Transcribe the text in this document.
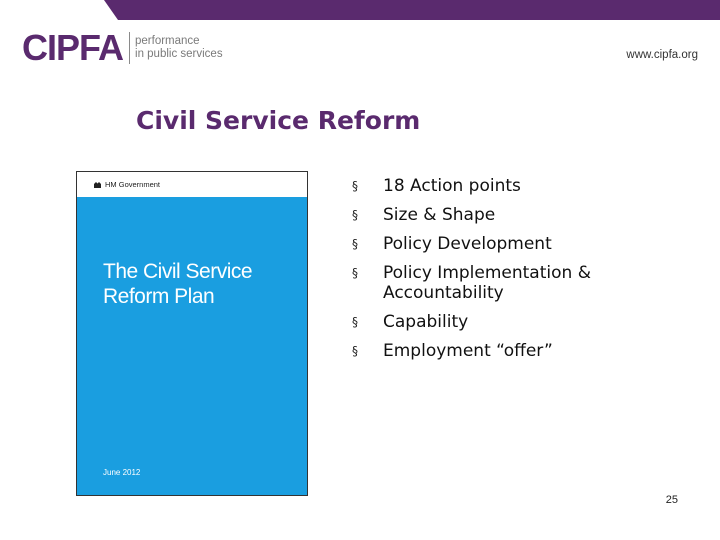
CIPFA performance
in public services	www.cipfa.org
Civil Service Reform
HM Government
The Civil Service
Reform Plan
June 2012
§	18 Action points
§	Size & Shape
§	Policy Development
§	Policy Implementation & Accountability
§	Capability
§	Employment “offer”
25
